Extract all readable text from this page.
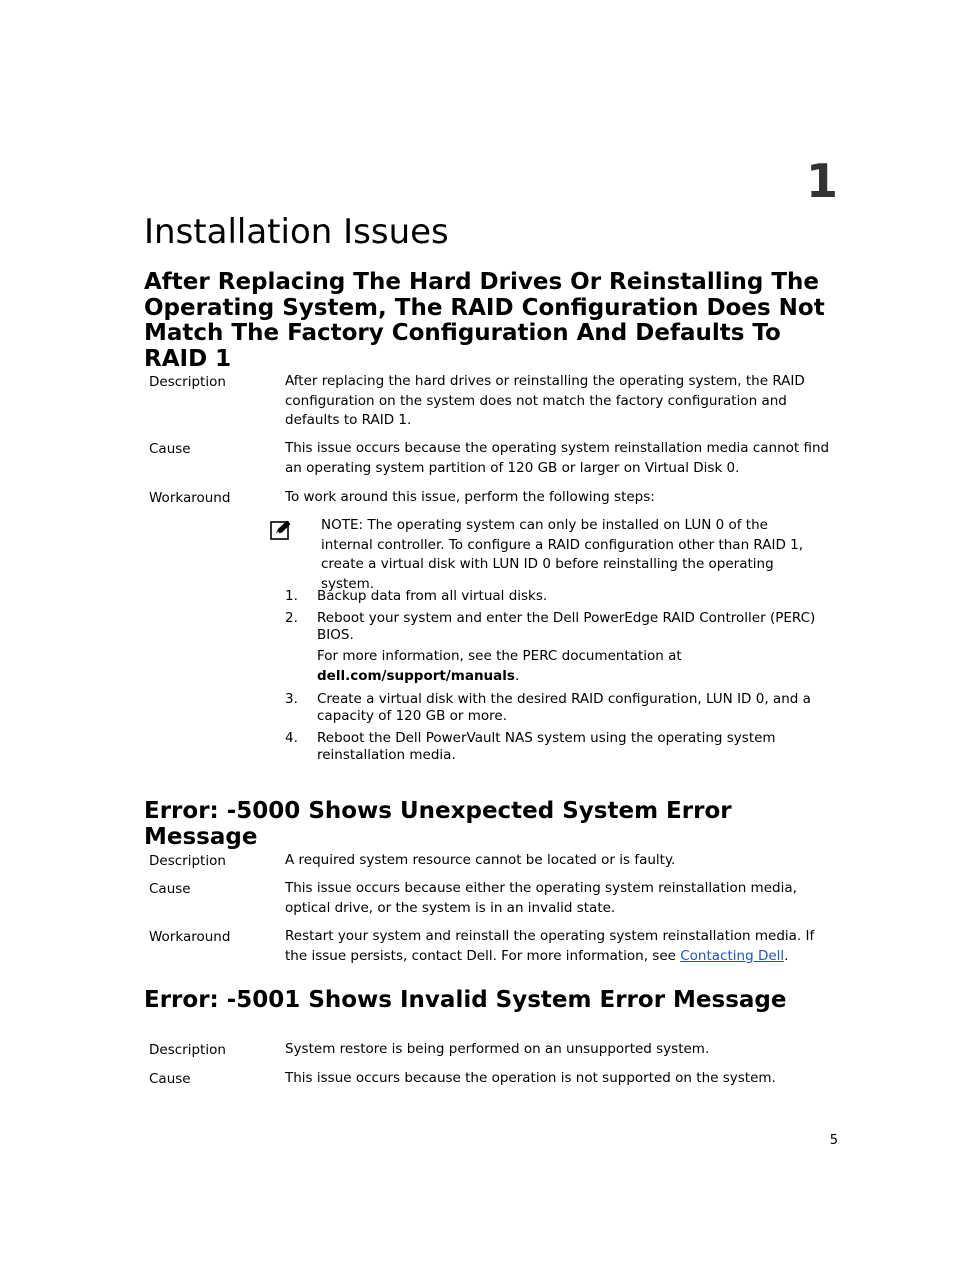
1
Installation Issues
After Replacing The Hard Drives Or Reinstalling The Operating System, The RAID Configuration Does Not Match The Factory Configuration And Defaults To RAID 1
Description	After replacing the hard drives or reinstalling the operating system, the RAID configuration on the system does not match the factory configuration and defaults to RAID 1.
Cause	This issue occurs because the operating system reinstallation media cannot find an operating system partition of 120 GB or larger on Virtual Disk 0.
Workaround	To work around this issue, perform the following steps:
NOTE: The operating system can only be installed on LUN 0 of the internal controller. To configure a RAID configuration other than RAID 1, create a virtual disk with LUN ID 0 before reinstalling the operating system.
1. Backup data from all virtual disks.
2. Reboot your system and enter the Dell PowerEdge RAID Controller (PERC) BIOS.
For more information, see the PERC documentation at dell.com/support/manuals.
3. Create a virtual disk with the desired RAID configuration, LUN ID 0, and a capacity of 120 GB or more.
4. Reboot the Dell PowerVault NAS system using the operating system reinstallation media.
Error: -5000 Shows Unexpected System Error Message
Description	A required system resource cannot be located or is faulty.
Cause	This issue occurs because either the operating system reinstallation media, optical drive, or the system is in an invalid state.
Workaround	Restart your system and reinstall the operating system reinstallation media. If the issue persists, contact Dell. For more information, see Contacting Dell.
Error: -5001 Shows Invalid System Error Message
Description	System restore is being performed on an unsupported system.
Cause	This issue occurs because the operation is not supported on the system.
5
